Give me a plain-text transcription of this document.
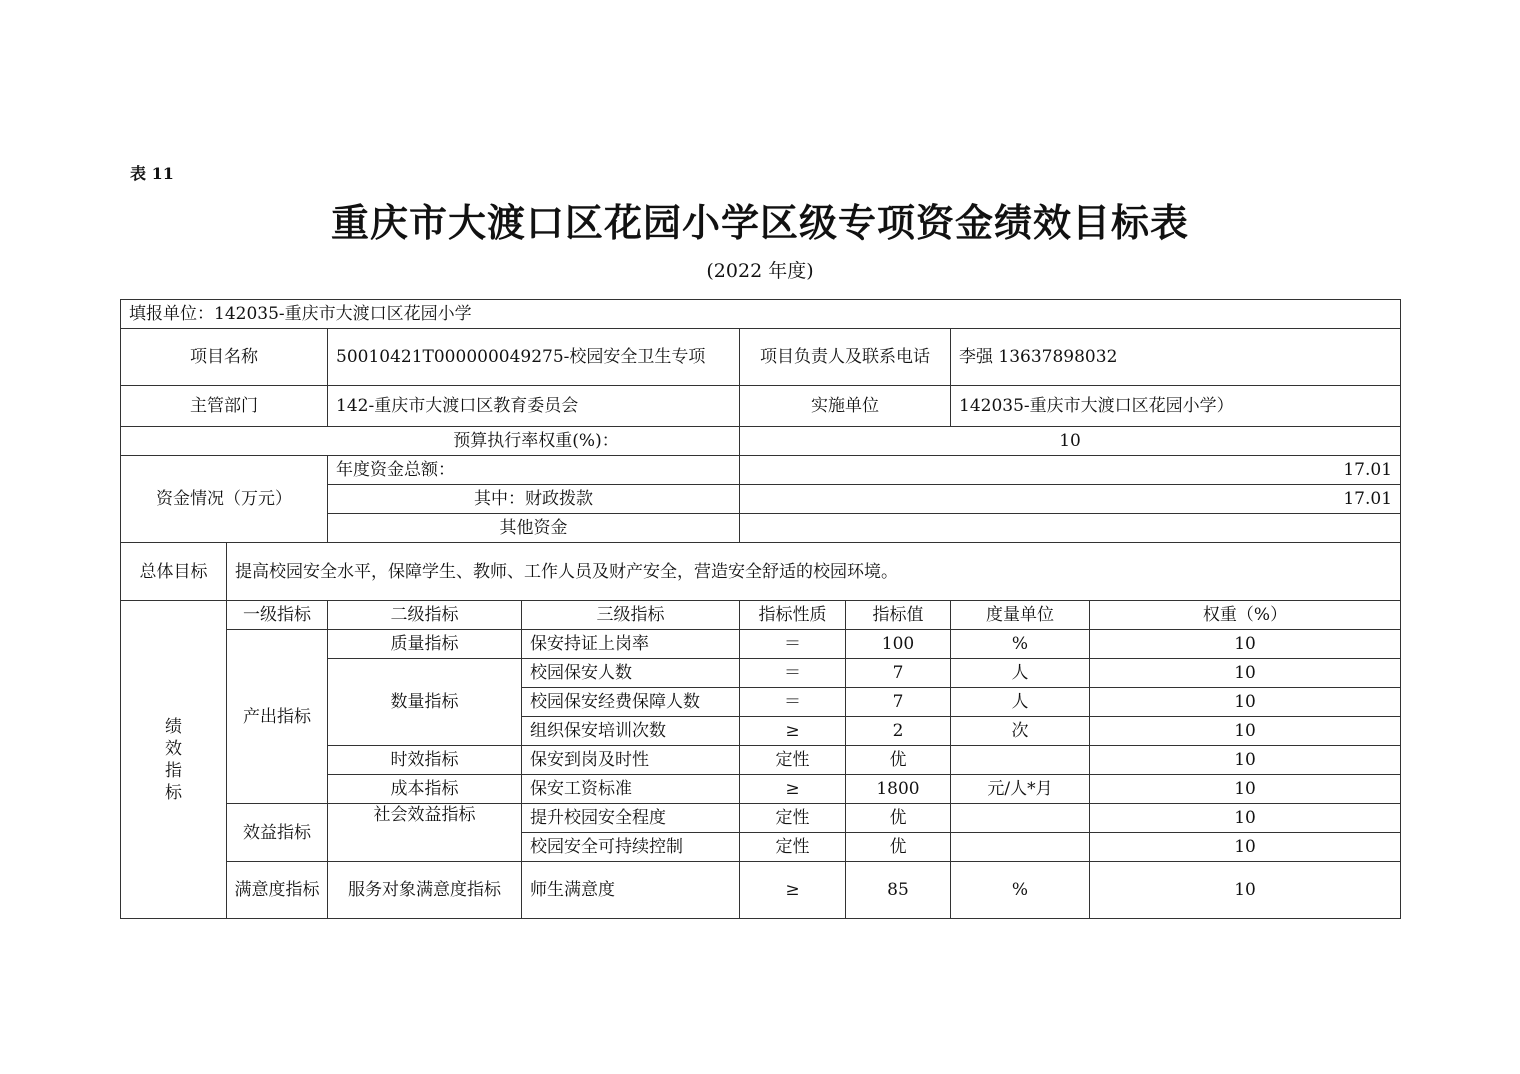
表 11
重庆市大渡口区花园小学区级专项资金绩效目标表
(2022 年度)
填报单位：142035-重庆市大渡口区花园小学							
项目名称		50010421T000000049275-校园安全卫生专项		项目负责人及联系电话		李强 13637898032	
主管部门		142-重庆市大渡口区教育委员会		实施单位		142035-重庆市大渡口区花园小学）	
预算执行率权重(%)：				10			
资金情况（万元）		年度资金总额：		17.01			
		其中：财政拨款		17.01			
		其他资金					
总体目标	提高校园安全水平，保障学生、教师、工作人员及财产安全，营造安全舒适的校园环境。						
绩效指标	一级指标	二级指标	三级指标	指标性质	指标值	度量单位	权重（%）
	产出指标	质量指标	保安持证上岗率	＝	100	%	10
		数量指标	校园保安人数	＝	7	人	10
			校园保安经费保障人数	＝	7	人	10
			组织保安培训次数	≥	2	次	10
		时效指标	保安到岗及时性	定性	优		10
		成本指标	保安工资标准	≥	1800	元/人*月	10
	效益指标	社会效益指标	提升校园安全程度	定性	优		10
			校园安全可持续控制	定性	优		10
	满意度指标	服务对象满意度指标	师生满意度	≥	85	%	10
